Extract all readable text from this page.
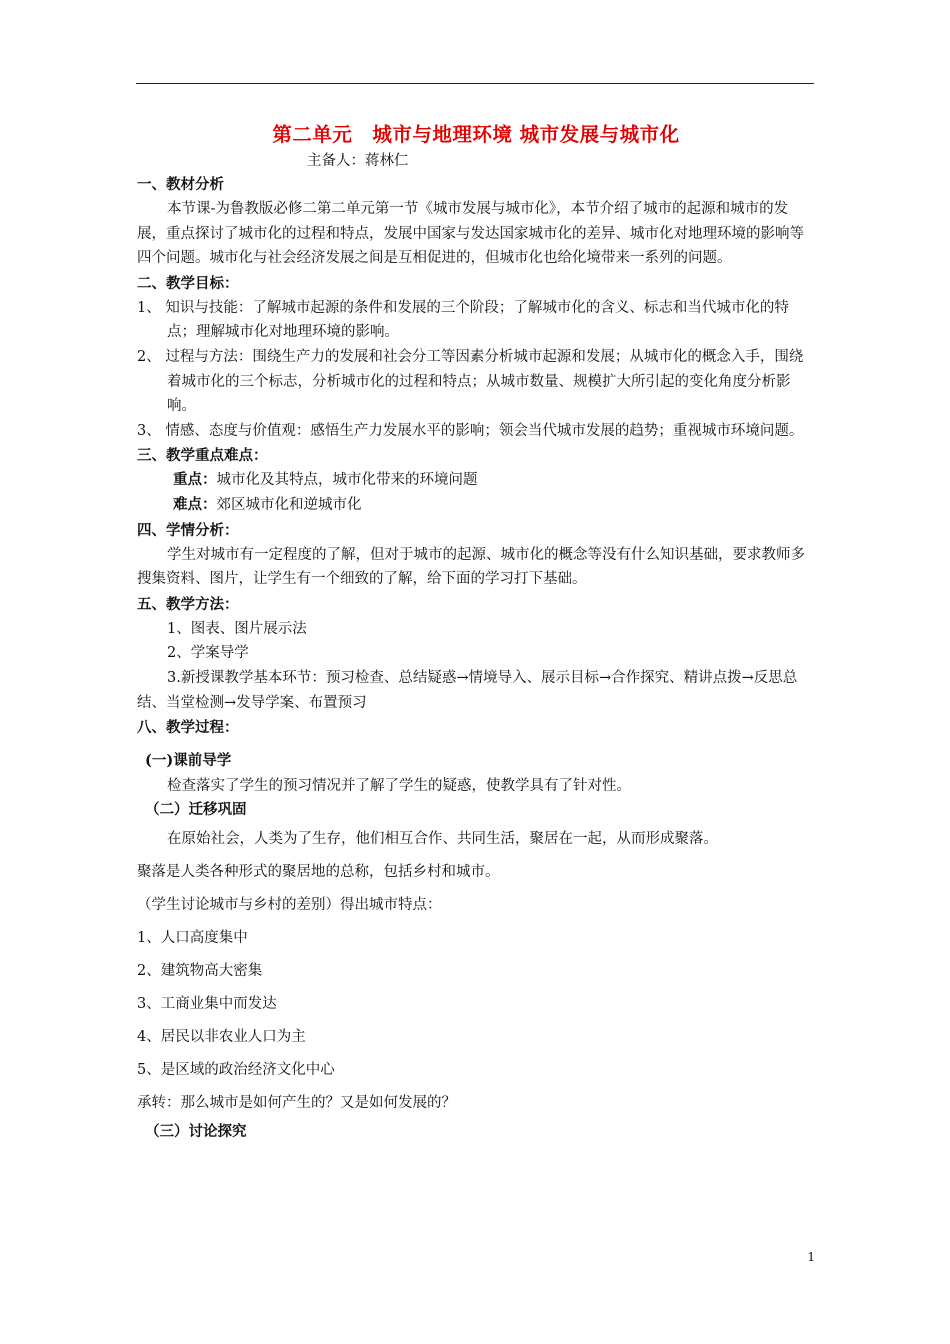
第二单元　城市与地理环境 城市发展与城市化
主备人：蒋林仁
一、教材分析
本节课-为鲁教版必修二第二单元第一节《城市发展与城市化》，本节介绍了城市的起源和城市的发展，重点探讨了城市化的过程和特点，发展中国家与发达国家城市化的差异、城市化对地理环境的影响等四个问题。城市化与社会经济发展之间是互相促进的，但城市化也给化境带来一系列的问题。
二、教学目标：
1、 知识与技能：了解城市起源的条件和发展的三个阶段；了解城市化的含义、标志和当代城市化的特点；理解城市化对地理环境的影响。
2、 过程与方法：围绕生产力的发展和社会分工等因素分析城市起源和发展；从城市化的概念入手，围绕着城市化的三个标志，分析城市化的过程和特点；从城市数量、规模扩大所引起的变化角度分析影响。
3、 情感、态度与价值观：感悟生产力发展水平的影响；领会当代城市发展的趋势；重视城市环境问题。
三、教学重点难点：
重点：城市化及其特点，城市化带来的环境问题
难点：郊区城市化和逆城市化
四、学情分析：
学生对城市有一定程度的了解，但对于城市的起源、城市化的概念等没有什么知识基础，要求教师多搜集资料、图片，让学生有一个细致的了解，给下面的学习打下基础。
五、教学方法：
1、图表、图片展示法
2、学案导学
3.新授课教学基本环节：预习检查、总结疑惑→情境导入、展示目标→合作探究、精讲点拨→反思总结、当堂检测→发导学案、布置预习
八、教学过程：
(一)课前导学
检查落实了学生的预习情况并了解了学生的疑惑，使教学具有了针对性。
（二）迁移巩固
在原始社会，人类为了生存，他们相互合作、共同生活，聚居在一起，从而形成聚落。
聚落是人类各种形式的聚居地的总称，包括乡村和城市。
（学生讨论城市与乡村的差别）得出城市特点：
1、人口高度集中
2、建筑物高大密集
3、工商业集中而发达
4、居民以非农业人口为主
5、是区域的政治经济文化中心
承转：那么城市是如何产生的？又是如何发展的？
（三）讨论探究
1
